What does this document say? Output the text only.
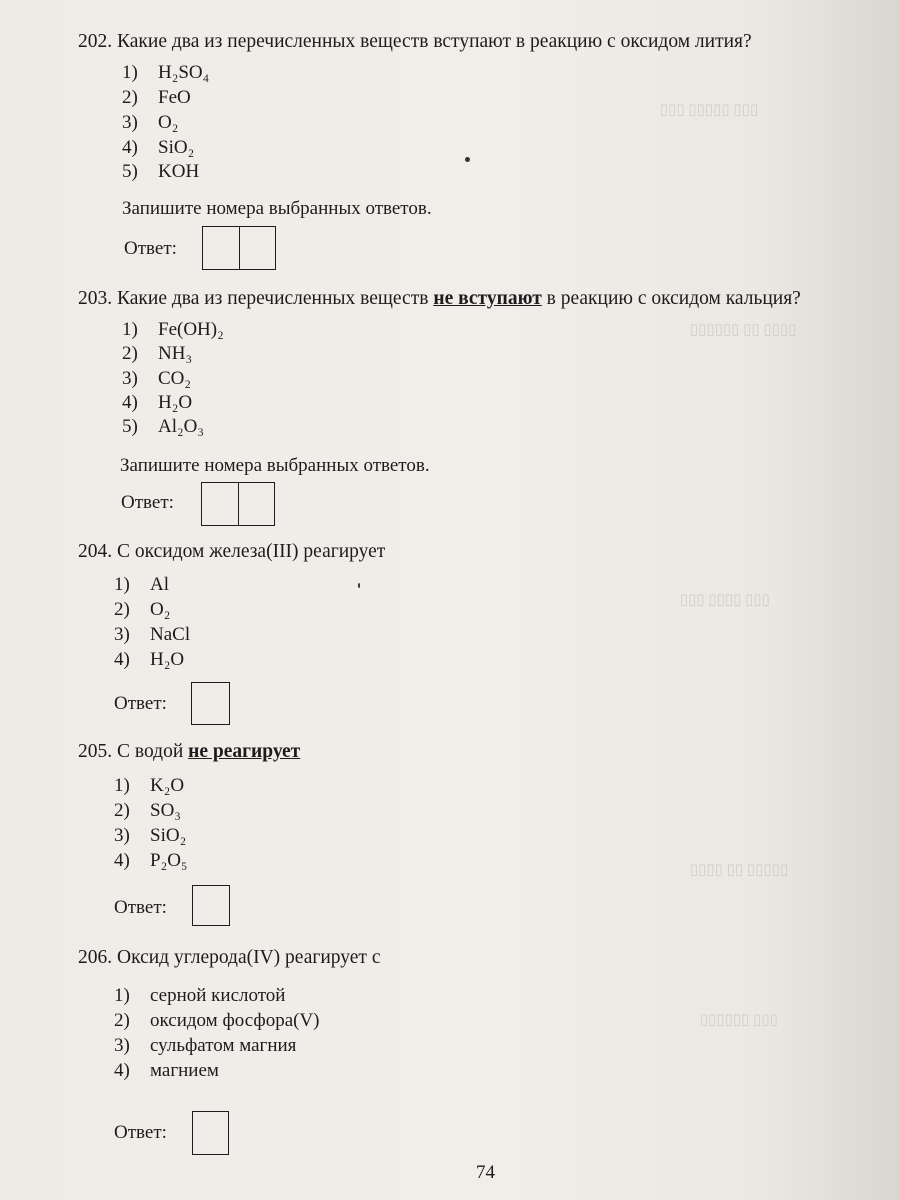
▯▯▯ ▯▯▯▯▯ ▯▯▯
▯▯▯▯ ▯▯ ▯▯▯▯▯▯
▯▯▯ ▯▯▯▯ ▯▯▯
▯▯▯▯▯ ▯▯ ▯▯▯▯
▯▯▯ ▯▯▯▯▯▯
202. Какие два из перечисленных веществ вступают в реакцию с оксидом лития?
1) H₂SO₄
2) FeO
3) O₂
4) SiO₂
5) KOH
Запишите номера выбранных ответов.
Ответ:
203. Какие два из перечисленных веществ не вступают в реакцию с оксидом кальция?
1) Fe(OH)₂
2) NH₃
3) CO₂
4) H₂O
5) Al₂O₃
Запишите номера выбранных ответов.
Ответ:
204. С оксидом железа(III) реагирует
1) Al
2) O₂
3) NaCl
4) H₂O
Ответ:
205. С водой не реагирует
1) K₂O
2) SO₃
3) SiO₂
4) P₂O₅
Ответ:
206. Оксид углерода(IV) реагирует с
1) серной кислотой
2) оксидом фосфора(V)
3) сульфатом магния
4) магнием
Ответ:
74
